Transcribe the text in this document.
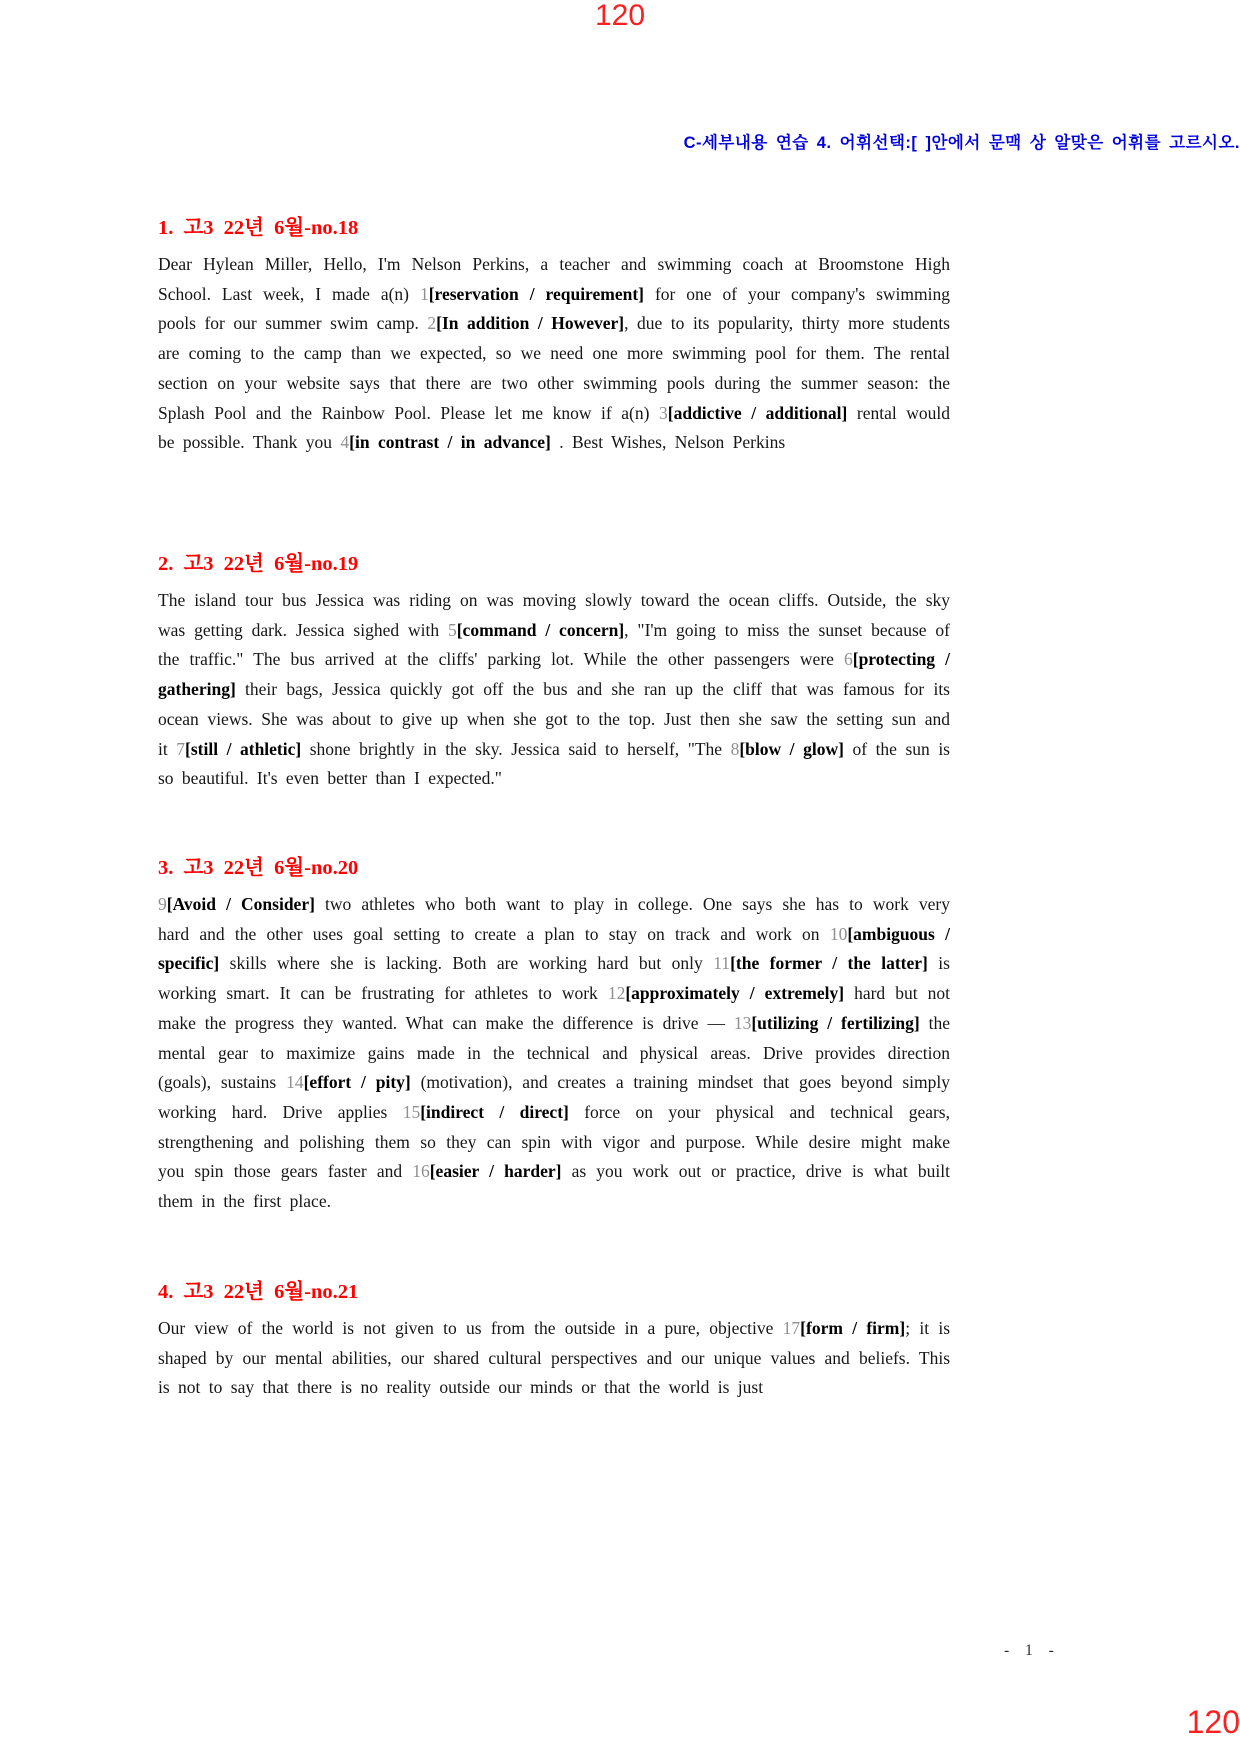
120
C-세부내용 연습 4. 어휘선택:[ ]안에서 문맥 상 알맞은 어휘를 고르시오.
1. 고3 22년 6월-no.18

Dear Hylean Miller, Hello, I'm Nelson Perkins, a teacher and swimming coach at Broomstone High School. Last week, I made a(n) 1[reservation / requirement] for one of your company's swimming pools for our summer swim camp. 2[In addition / However], due to its popularity, thirty more students are coming to the camp than we expected, so we need one more swimming pool for them. The rental section on your website says that there are two other swimming pools during the summer season: the Splash Pool and the Rainbow Pool. Please let me know if a(n) 3[addictive / additional] rental would be possible. Thank you 4[in contrast / in advance] . Best Wishes, Nelson Perkins

2. 고3 22년 6월-no.19

The island tour bus Jessica was riding on was moving slowly toward the ocean cliffs. Outside, the sky was getting dark. Jessica sighed with 5[command / concern], "I'm going to miss the sunset because of the traffic." The bus arrived at the cliffs' parking lot. While the other passengers were 6[protecting / gathering] their bags, Jessica quickly got off the bus and she ran up the cliff that was famous for its ocean views. She was about to give up when she got to the top. Just then she saw the setting sun and it 7[still / athletic] shone brightly in the sky. Jessica said to herself, "The 8[blow / glow] of the sun is so beautiful. It's even better than I expected."

3. 고3 22년 6월-no.20

9[Avoid / Consider] two athletes who both want to play in college. One says she has to work very hard and the other uses goal setting to create a plan to stay on track and work on 10[ambiguous / specific] skills where she is lacking. Both are working hard but only 11[the former / the latter] is working smart. It can be frustrating for athletes to work 12[approximately / extremely] hard but not make the progress they wanted. What can make the difference is drive — 13[utilizing / fertilizing] the mental gear to maximize gains made in the technical and physical areas. Drive provides direction (goals), sustains 14[effort / pity] (motivation), and creates a training mindset that goes beyond simply working hard. Drive applies 15[indirect / direct] force on your physical and technical gears, strengthening and polishing them so they can spin with vigor and purpose. While desire might make you spin those gears faster and 16[easier / harder] as you work out or practice, drive is what built them in the first place.

4. 고3 22년 6월-no.21

Our view of the world is not given to us from the outside in a pure, objective 17[form / firm]; it is shaped by our mental abilities, our shared cultural perspectives and our unique values and beliefs. This is not to say that there is no reality outside our minds or that the world is just

- 1 -
120
